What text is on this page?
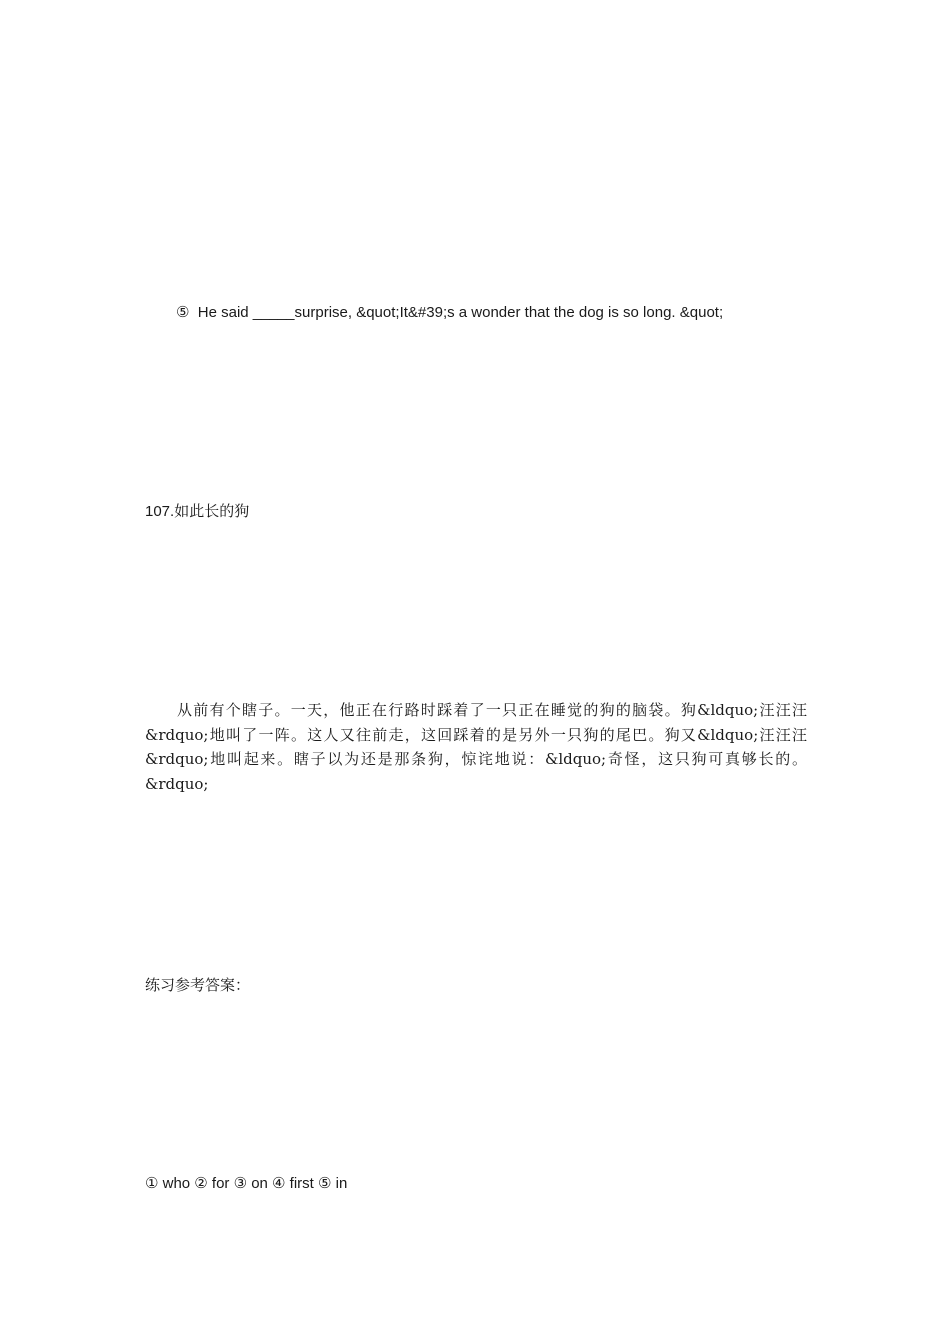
⑤  He said _____surprise, &quot;It&#39;s a wonder that the dog is so long. &quot;
107.如此长的狗
从前有个瞎子。一天，他正在行路时踩着了一只正在睡觉的狗的脑袋。狗&ldquo;汪汪汪&rdquo;地叫了一阵。这人又往前走，这回踩着的是另外一只狗的尾巴。狗又&ldquo;汪汪汪&rdquo;地叫起来。瞎子以为还是那条狗，惊诧地说：&ldquo;奇怪，这只狗可真够长的。&rdquo;
练习参考答案：
① who ② for ③ on ④ first ⑤ in
